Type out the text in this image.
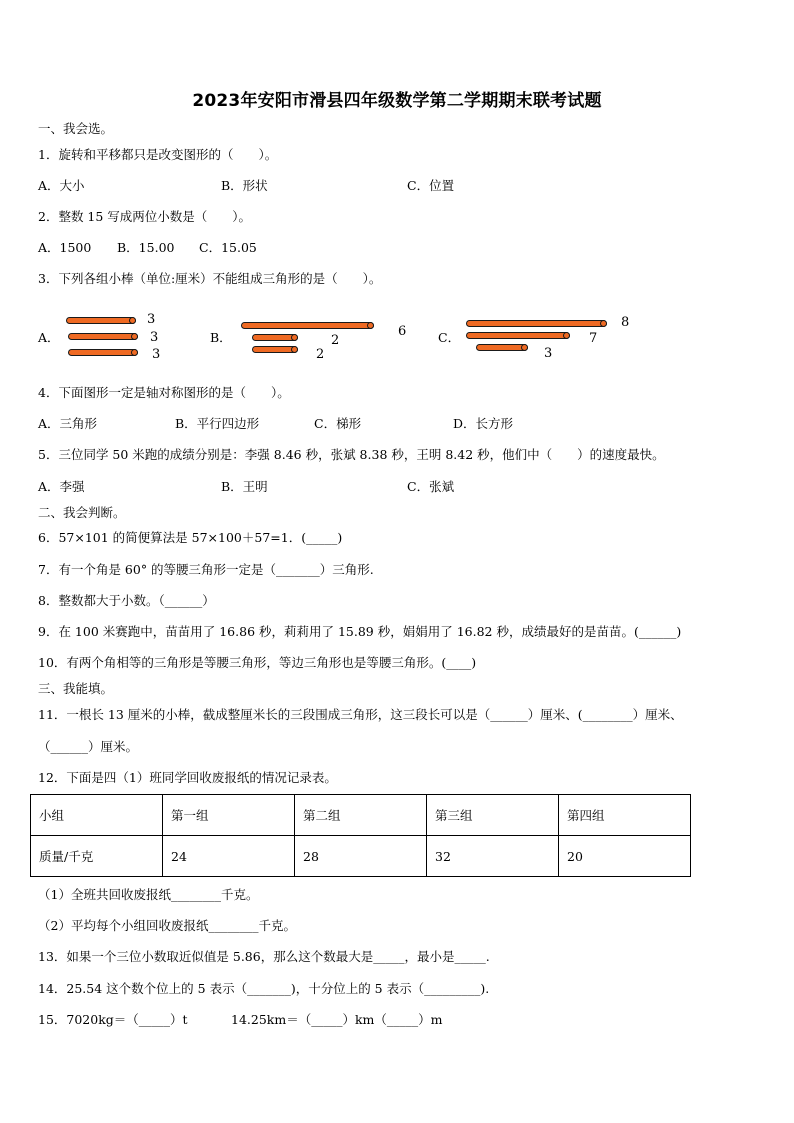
2023年安阳市滑县四年级数学第二学期期末联考试题
一、我会选。
1．旋转和平移都只是改变图形的（　　）。
A．大小	B．形状	C．位置
2．整数 15 写成两位小数是（　　）。
A．1500 B．15.00 C．15.05
3．下列各组小棒（单位:厘米）不能组成三角形的是（　　）。
A．
3
3
3
B．	6
2
2
C．
8
7
3
4．下面图形一定是轴对称图形的是（　　）。
A．三角形	B．平行四边形	C．梯形	D．长方形
5．三位同学 50 米跑的成绩分别是：李强 8.46 秒，张斌 8.38 秒，王明 8.42 秒，他们中（　　）的速度最快。
A．李强	B．王明	C．张斌
二、我会判断。
6．57×101 的简便算法是 57×100＋57=1．(_____)
7．有一个角是 60° 的等腰三角形一定是（_______）三角形.
8．整数都大于小数。（______）
9．在 100 米赛跑中，苗苗用了 16.86 秒，莉莉用了 15.89 秒，娟娟用了 16.82 秒，成绩最好的是苗苗。(______)
10．有两个角相等的三角形是等腰三角形，等边三角形也是等腰三角形。(____)
三、我能填。
11．一根长 13 厘米的小棒，截成整厘米长的三段围成三角形，这三段长可以是（______）厘米、(________）厘米、
（______）厘米。
12．下面是四（1）班同学回收废报纸的情况记录表。
小组	第一组	第二组	第三组	第四组
质量/千克	24	28	32	20
（1）全班共回收废报纸________千克。
（2）平均每个小组回收废报纸________千克。
13．如果一个三位小数取近似值是 5.86，那么这个数最大是_____，最小是_____.
14．25.54 这个数个位上的 5 表示（_______)，十分位上的 5 表示（_________).
15．7020kg＝（_____）t	14.25km＝（_____）km（_____）m
